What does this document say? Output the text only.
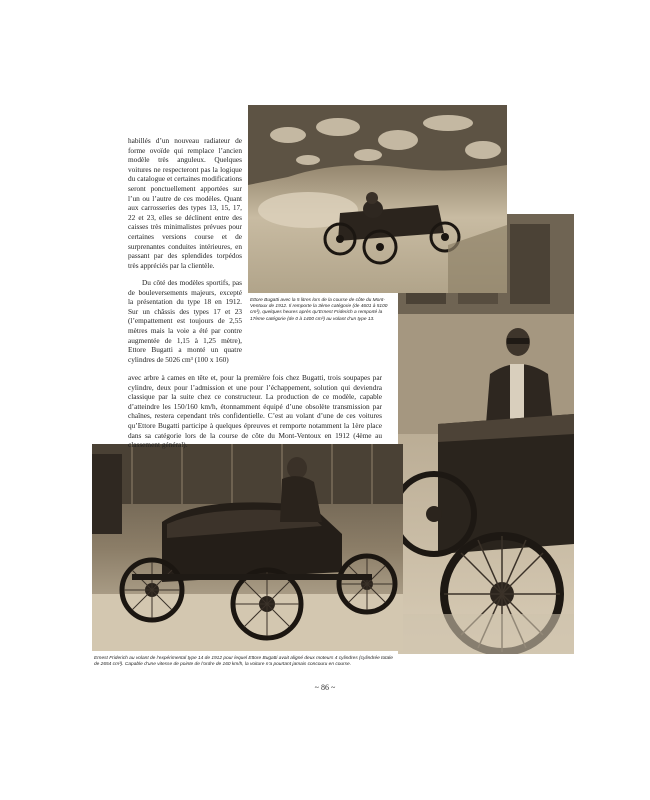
habillés d’un nouveau radiateur de forme ovoïde qui remplace l’ancien modèle très anguleux. Quelques voitures ne respecteront pas la logique du catalogue et certaines modifications seront ponctuellement apportées sur l’un ou l’autre de ces modèles. Quant aux carrosseries des types 13, 15, 17, 22 et 23, elles se déclinent entre des caisses très minimalistes prévues pour certaines versions course et de surprenantes conduites intérieures, en passant par des splendides torpédos très appréciés par la clientèle.

Du côté des modèles sportifs, pas de bouleversements majeurs, excepté la présentation du type 18 en 1912. Sur un châssis des types 17 et 23 (l’empattement est toujours de 2,55 mètres mais la voie a été par contre augmentée de 1,15 à 1,25 mètre), Ettore Bugatti a monté un quatre cylindres de 5026 cm³ (100 x 160)

avec arbre à cames en tête et, pour la première fois chez Bugatti, trois soupapes par cylindre, deux pour l’admission et une pour l’échappement, solution qui deviendra classique par la suite chez ce constructeur. La production de ce modèle, capable d’atteindre les 150/160 km/h, étonnamment équipé d’une obsolète transmission par chaînes, restera cependant très confidentielle. C’est au volant d’une de ces voitures qu’Ettore Bugatti participe à quelques épreuves et remporte notamment la 1ère place dans sa catégorie lors de la course de côte du Mont-Ventoux en 1912 (4ème au classement général).

Ettore Bugatti avec la 5 litres lors de la course de côte du Mont-Ventoux de 1912. Il remporte la 3ème catégorie (de 4601 à 5100 cm³), quelques heures après qu’Ernest Friderich a remporté la 17ème catégorie (de 0 à 1400 cm³) au volant d’un type 13.
Ernest Friderich au volant de l’expérimental type 14 de 1912 pour lequel Ettore Bugatti avait aligné deux moteurs 4 cylindres (cylindrée totale de 2654 cm³). Capable d’une vitesse de pointe de l’ordre de 160 km/h, la voiture n’a pourtant jamais concouru en course.
~ 86 ~
